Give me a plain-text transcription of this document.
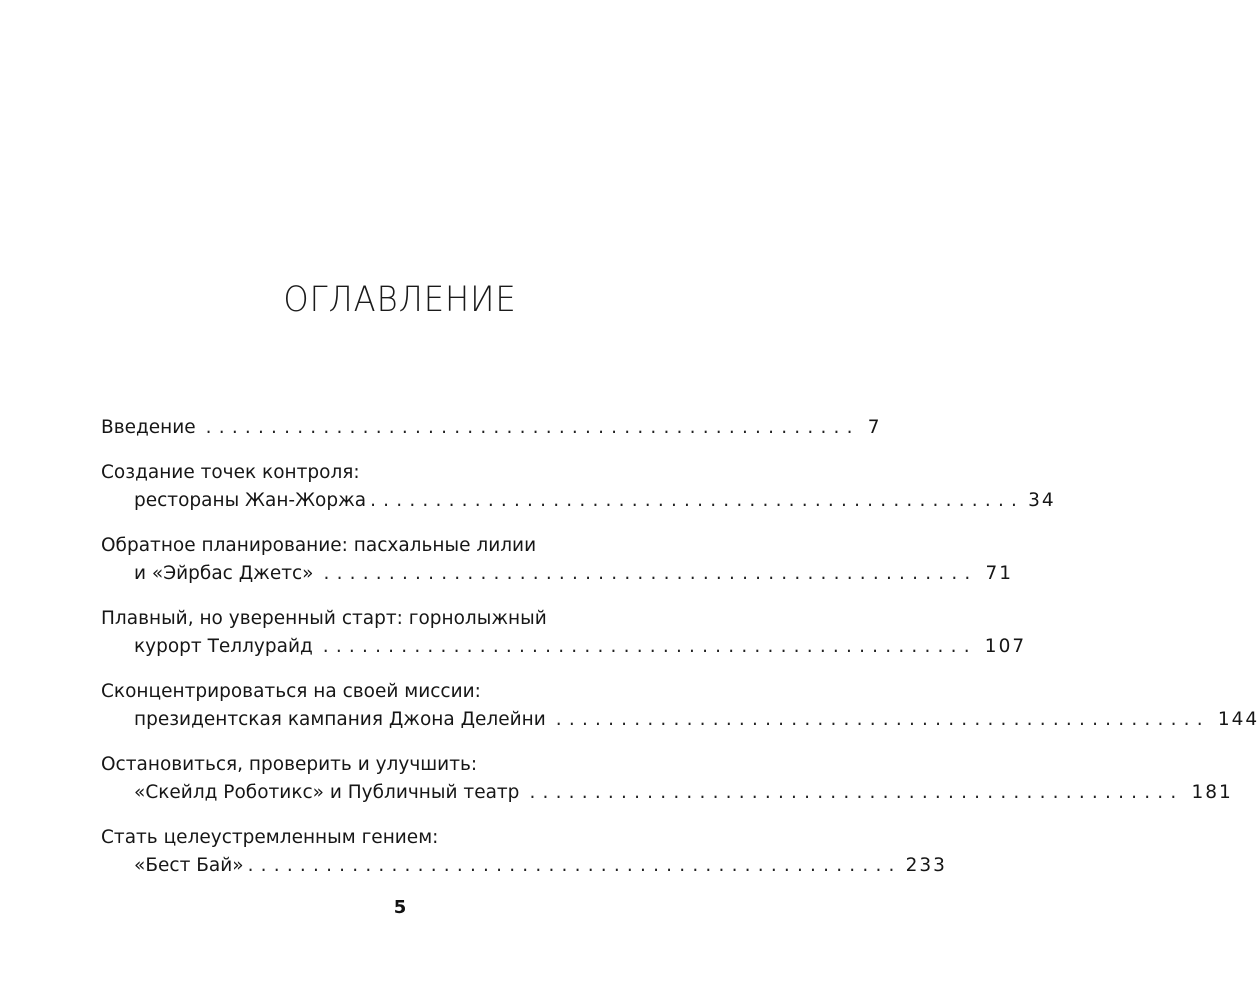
ОГЛАВЛЕНИЕ
Введение .................................................. 7
Создание точек контроля:
рестораны Жан-Жоржа .................................................. 34
Обратное планирование: пасхальные лилии
и «Эйрбас Джетс» .................................................. 71
Плавный, но уверенный старт: горнолыжный
курорт Теллурайд .................................................. 107
Сконцентрироваться на своей миссии:
президентская кампания Джона Делейни .................................................. 144
Остановиться, проверить и улучшить:
«Скейлд Роботикс» и Публичный театр .................................................. 181
Стать целеустремленным гением:
«Бест Бай» .................................................. 233
5
